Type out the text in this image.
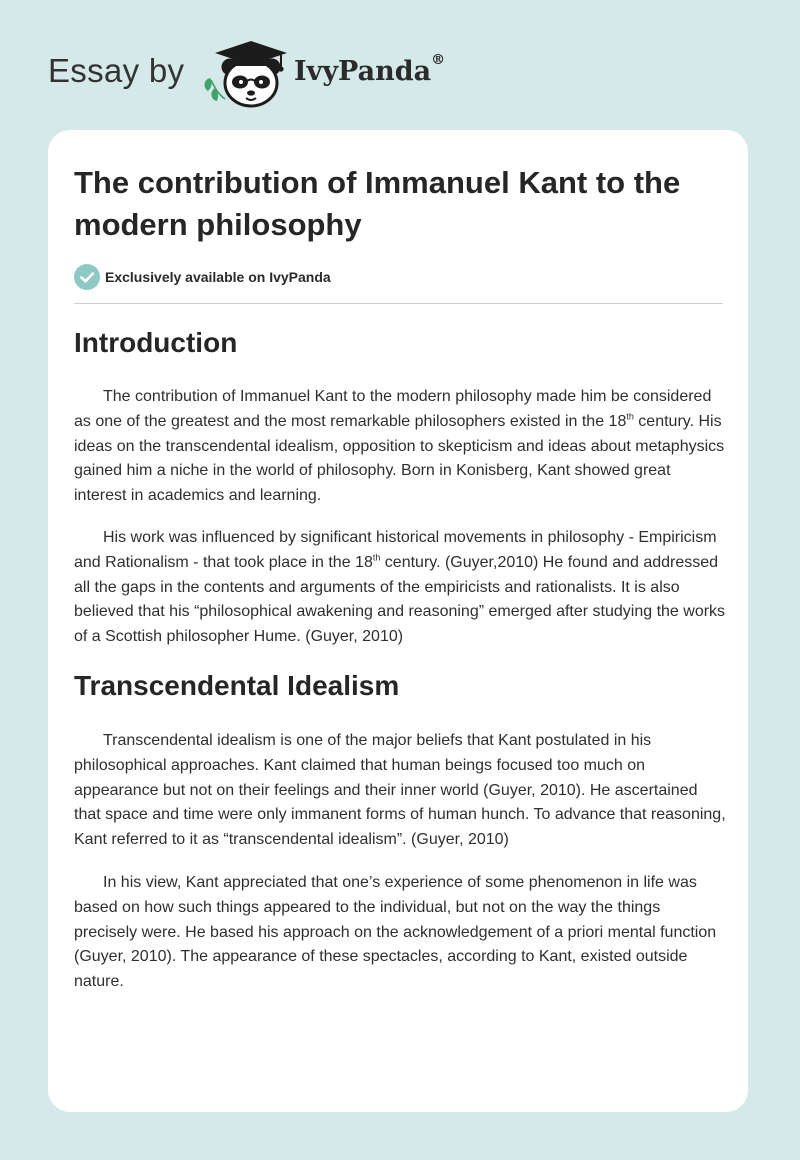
Essay by	IvyPanda®
The contribution of Immanuel Kant to the modern philosophy
Exclusively available on IvyPanda
Introduction

The contribution of Immanuel Kant to the modern philosophy made him be considered as one of the greatest and the most remarkable philosophers existed in the 18th century. His ideas on the transcendental idealism, opposition to skepticism and ideas about metaphysics gained him a niche in the world of philosophy. Born in Konisberg, Kant showed great interest in academics and learning.

His work was influenced by significant historical movements in philosophy - Empiricism and Rationalism - that took place in the 18th century. (Guyer,2010) He found and addressed all the gaps in the contents and arguments of the empiricists and rationalists. It is also believed that his “philosophical awakening and reasoning” emerged after studying the works of a Scottish philosopher Hume. (Guyer, 2010)

Transcendental Idealism

Transcendental idealism is one of the major beliefs that Kant postulated in his philosophical approaches. Kant claimed that human beings focused too much on appearance but not on their feelings and their inner world (Guyer, 2010). He ascertained that space and time were only immanent forms of human hunch. To advance that reasoning, Kant referred to it as “transcendental idealism”. (Guyer, 2010)

In his view, Kant appreciated that one’s experience of some phenomenon in life was based on how such things appeared to the individual, but not on the way the things precisely were. He based his approach on the acknowledgement of a priori mental function (Guyer, 2010). The appearance of these spectacles, according to Kant, existed outside nature.
